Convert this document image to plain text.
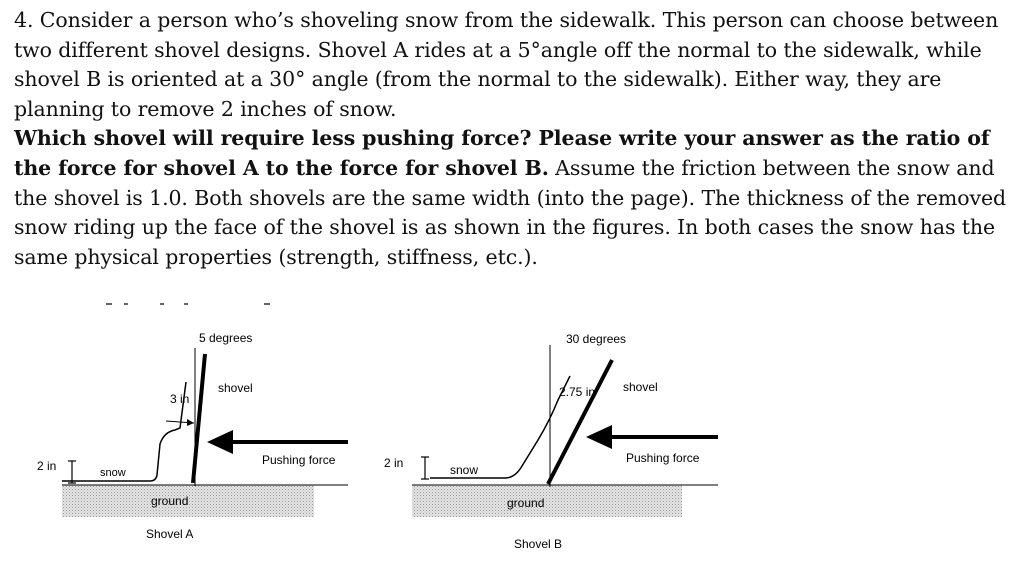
4. Consider a person who’s shoveling snow from the sidewalk. This person can choose between two different shovel designs. Shovel A rides at a 5°angle off the normal to the sidewalk, while shovel B is oriented at a 30° angle (from the normal to the sidewalk). Either way, they are planning to remove 2 inches of snow.
Which shovel will require less pushing force? Please write your answer as the ratio of the force for shovel A to the force for shovel B. Assume the friction between the snow and the shovel is 1.0. Both shovels are the same width (into the page). The thickness of the removed snow riding up the face of the shovel is as shown in the figures. In both cases the snow has the same physical properties (strength, stiffness, etc.).

5 degrees
shovel
3 in
Pushing force
2 in	snow
ground
Shovel A
30 degrees
shovel
2.75 in
Pushing force
2 in	snow
ground
Shovel B
